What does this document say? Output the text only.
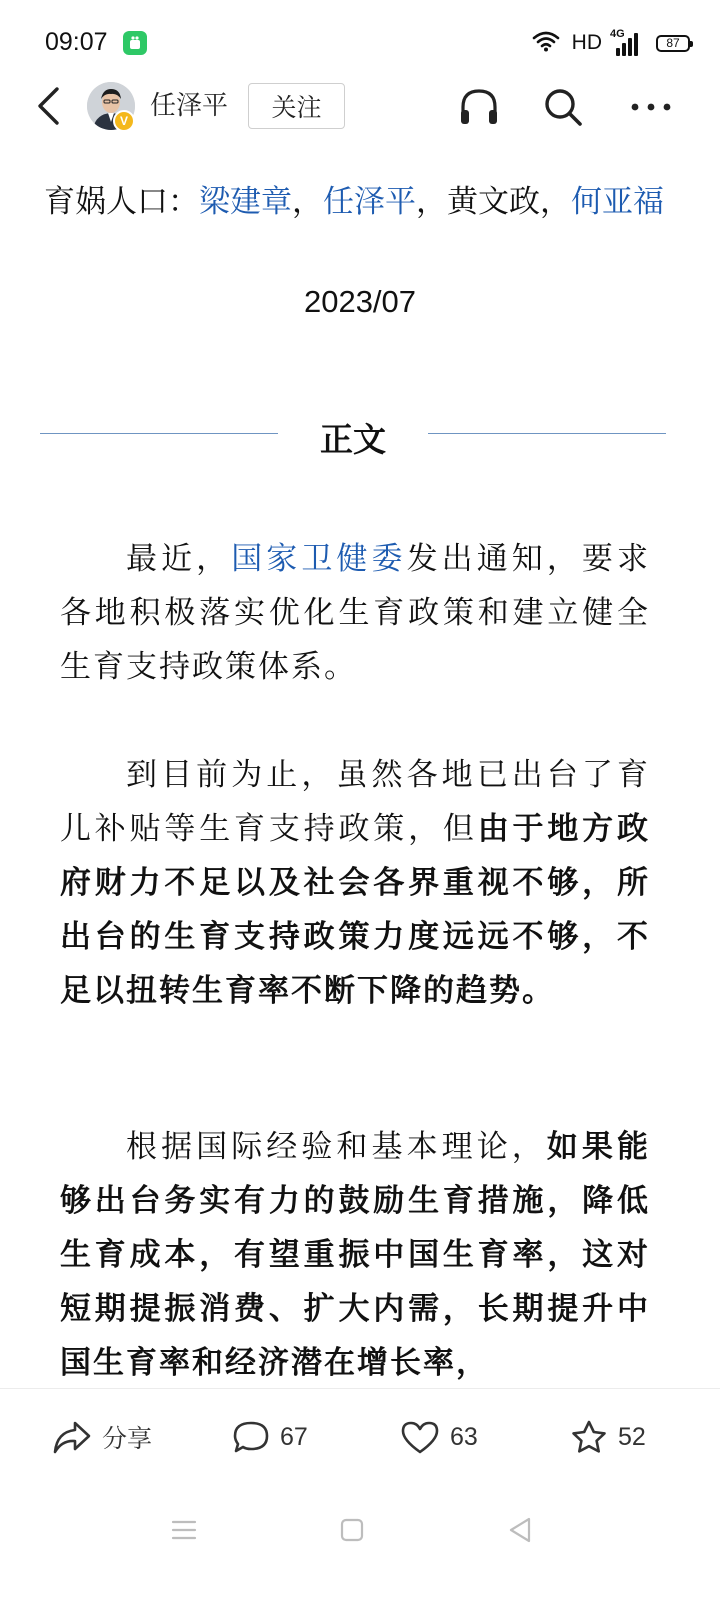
09:07	HD 4G
87
V 任泽平	关注
育娲人口：梁建章，任泽平，黄文政，何亚福
2023/07
正文

最近，国家卫健委发出通知，要求各地积极落实优化生育政策和建立健全生育支持政策体系。

到目前为止，虽然各地已出台了育儿补贴等生育支持政策，但由于地方政府财力不足以及社会各界重视不够，所出台的生育支持政策力度远远不够，不足以扭转生育率不断下降的趋势。

根据国际经验和基本理论，如果能够出台务实有力的鼓励生育措施，降低生育成本，有望重振中国生育率，这对短期提振消费、扩大内需，长期提升中国生育率和经济潜在增长率，

分享	67	63	52
